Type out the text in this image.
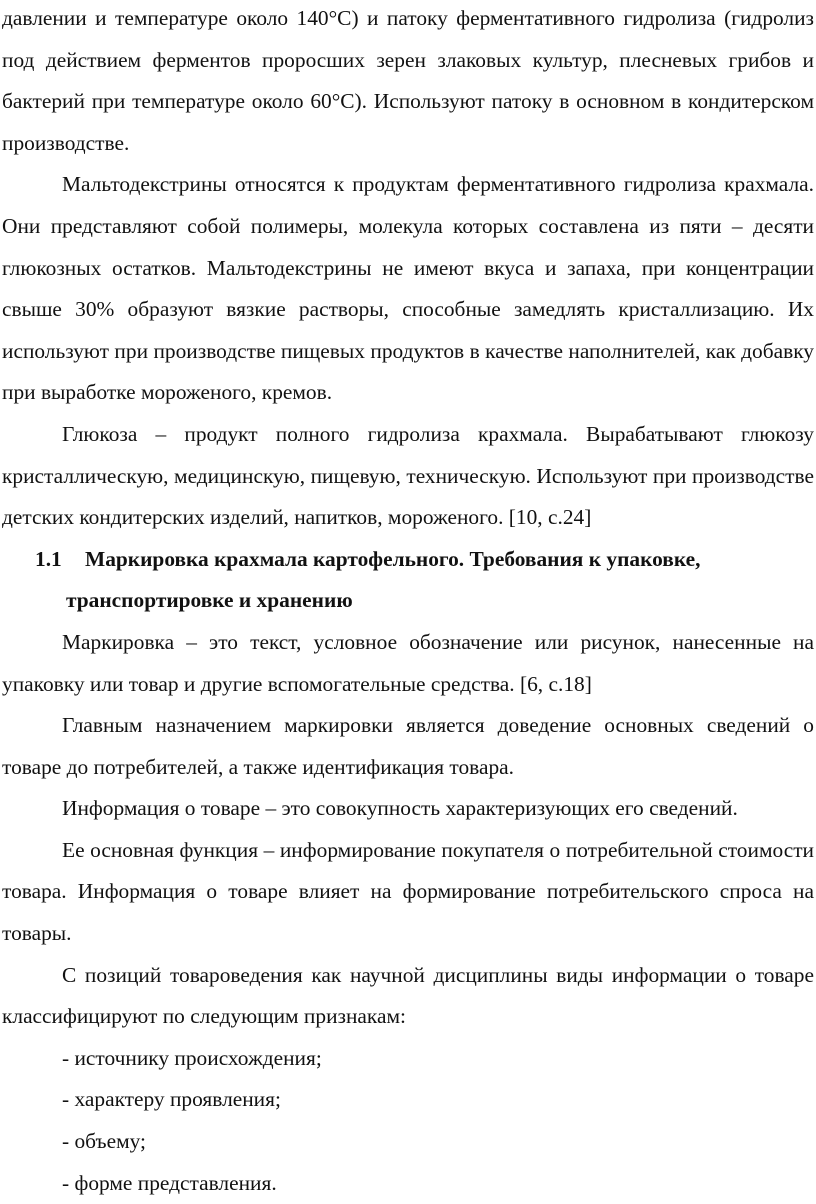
давлении и температуре около 140°С) и патоку ферментативного гидролиза (гидролиз под действием ферментов проросших зерен злаковых культур, плесневых грибов и бактерий при температуре около 60°С). Используют патоку в основном в кондитерском производстве.

Мальтодекстрины относятся к продуктам ферментативного гидролиза крахмала. Они представляют собой полимеры, молекула которых составлена из пяти – десяти глюкозных остатков. Мальтодекстрины не имеют вкуса и запаха, при концентрации свыше 30% образуют вязкие растворы, способные замедлять кристаллизацию. Их используют при производстве пищевых продуктов в качестве наполнителей, как добавку при выработке мороженого, кремов.

Глюкоза – продукт полного гидролиза крахмала. Вырабатывают глюкозу кристаллическую, медицинскую, пищевую, техническую. Используют при производстве детских кондитерских изделий, напитков, мороженого. [10, с.24]

1.1 Маркировка крахмала картофельного. Требования к упаковке,
транспортировке и хранению

Маркировка – это текст, условное обозначение или рисунок, нанесенные на упаковку или товар и другие вспомогательные средства. [6, с.18]

Главным назначением маркировки является доведение основных сведений о товаре до потребителей, а также идентификация товара.

Информация о товаре – это совокупность характеризующих его сведений.

Ее основная функция – информирование покупателя о потребительной стоимости товара. Информация о товаре влияет на формирование потребительского спроса на товары.

С позиций товароведения как научной дисциплины виды информации о товаре классифицируют по следующим признакам:

- источнику происхождения;

- характеру проявления;

- объему;

- форме представления.
